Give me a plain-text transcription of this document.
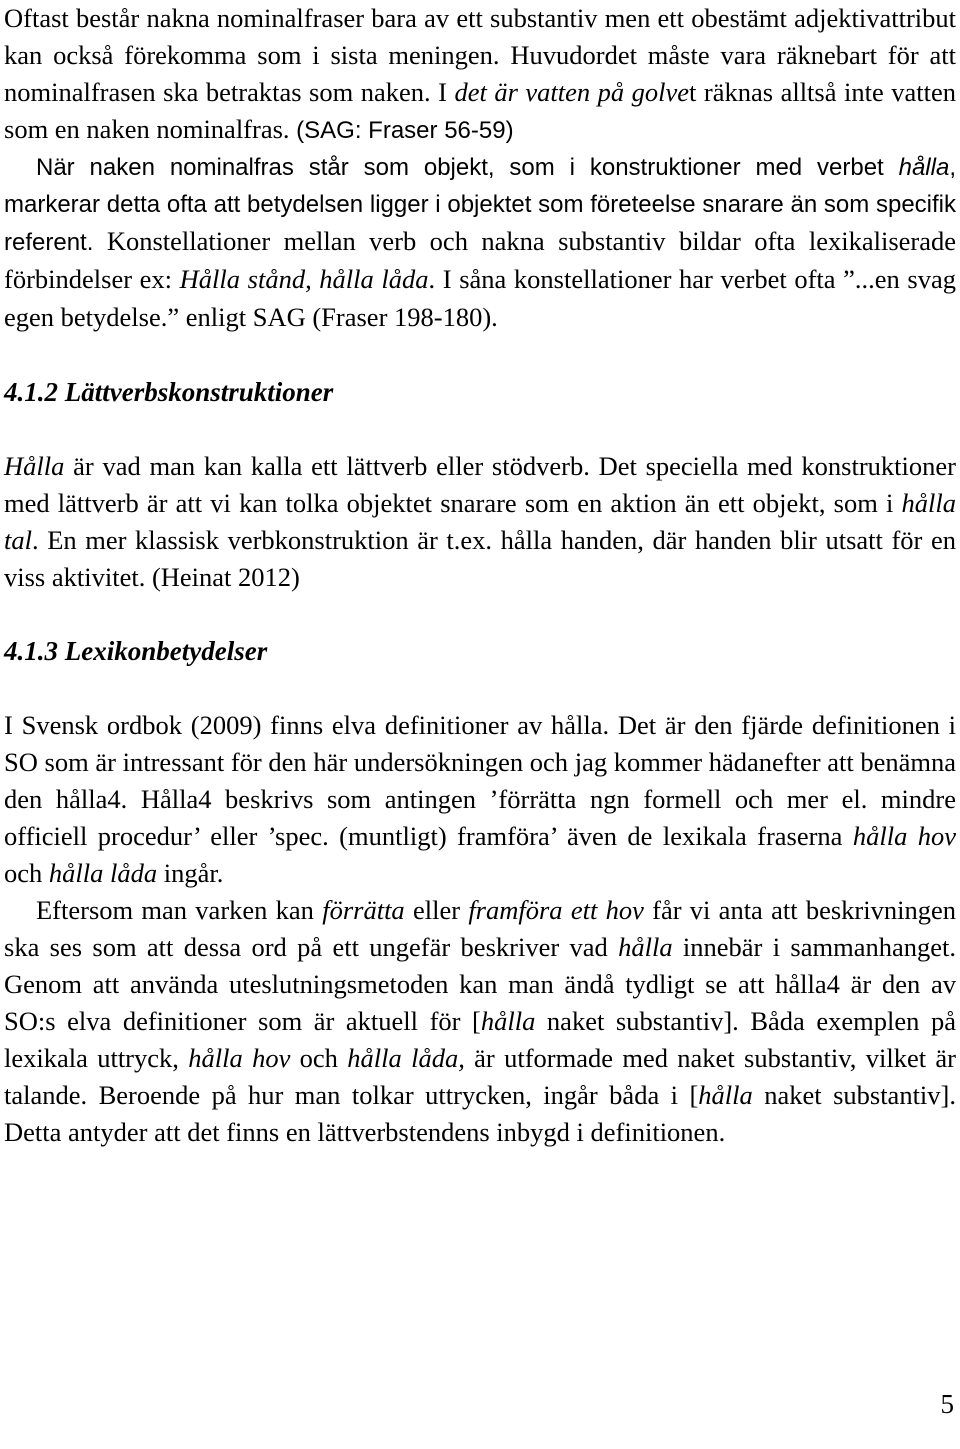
Oftast består nakna nominalfraser bara av ett substantiv men ett obestämt adjektivattribut kan också förekomma som i sista meningen. Huvudordet måste vara räknebart för att nominalfrasen ska betraktas som naken. I det är vatten på golvet räknas alltså inte vatten som en naken nominalfras. (SAG: Fraser 56-59)

När naken nominalfras står som objekt, som i konstruktioner med verbet hålla, markerar detta ofta att betydelsen ligger i objektet som företeelse snarare än som specifik referent. Konstellationer mellan verb och nakna substantiv bildar ofta lexikaliserade förbindelser ex: Hålla stånd, hålla låda. I såna konstellationer har verbet ofta ”...en svag egen betydelse.” enligt SAG (Fraser 198-180).

4.1.2 Lättverbskonstruktioner

Hålla är vad man kan kalla ett lättverb eller stödverb. Det speciella med konstruktioner med lättverb är att vi kan tolka objektet snarare som en aktion än ett objekt, som i hålla tal. En mer klassisk verbkonstruktion är t.ex. hålla handen, där handen blir utsatt för en viss aktivitet. (Heinat 2012)

4.1.3 Lexikonbetydelser

I Svensk ordbok (2009) finns elva definitioner av hålla. Det är den fjärde definitionen i SO som är intressant för den här undersökningen och jag kommer hädanefter att benämna den hålla4. Hålla4 beskrivs som antingen ’förrätta ngn formell och mer el. mindre officiell procedur’ eller ’spec. (muntligt) framföra’ även de lexikala fraserna hålla hov och hålla låda ingår.

Eftersom man varken kan förrätta eller framföra ett hov får vi anta att beskrivningen ska ses som att dessa ord på ett ungefär beskriver vad hålla innebär i sammanhanget. Genom att använda uteslutningsmetoden kan man ändå tydligt se att hålla4 är den av SO:s elva definitioner som är aktuell för [hålla naket substantiv]. Båda exemplen på lexikala uttryck, hålla hov och hålla låda, är utformade med naket substantiv, vilket är talande. Beroende på hur man tolkar uttrycken, ingår båda i [hålla naket substantiv]. Detta antyder att det finns en lättverbstendens inbygd i definitionen.

5
